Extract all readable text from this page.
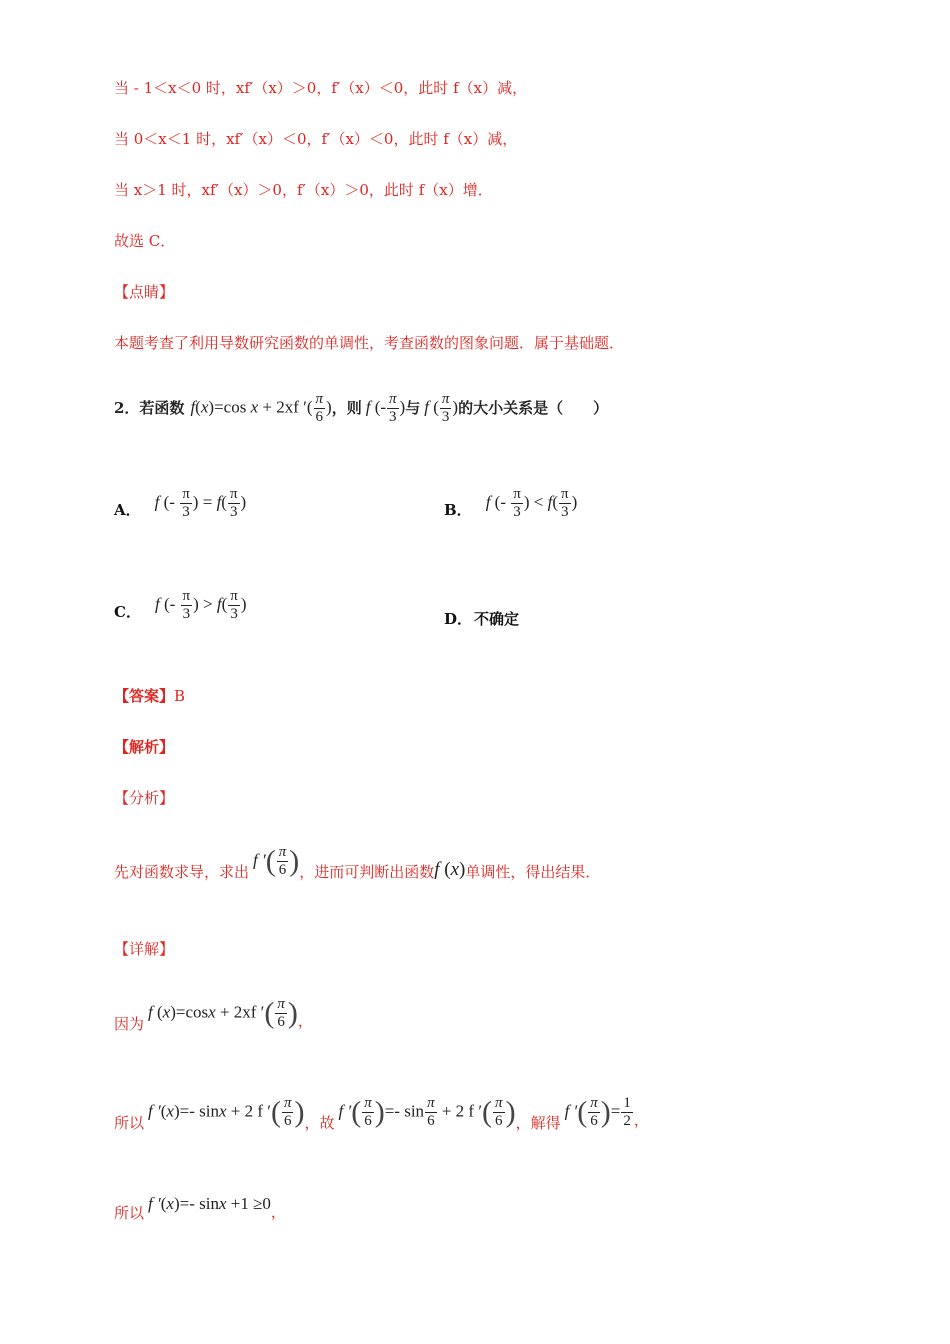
当 - 1＜x＜0 时，xf′（x）＞0，f′（x）＜0，此时 f（x）减，
当 0＜x＜1 时，xf′（x）＜0，f′（x）＜0，此时 f（x）减，
当 x＞1 时，xf′（x）＞0，f′（x）＞0，此时 f（x）增．
故选 C．
【点睛】
本题考查了利用导数研究函数的单调性，考查函数的图象问题．属于基础题．
2．若函数 f(x)=cos x + 2xf ′( $\frac{\pi}{6}$ ) ，则 f (- $\frac{\pi}{3}$ ) 与 f ( $\frac{\pi}{3}$ ) 的大小关系是（　　）
A． f (- $\frac{\pi}{3}$ ) = $f( \frac{\pi}{3}$ )	B． f (- $\frac{\pi}{3}$ ) < $f( \frac{\pi}{3}$ )
C． f (- $\frac{\pi}{3}$ ) > $f( \frac{\pi}{3}$ )
D． 不确定
【答案】B
【解析】
【分析】
先对函数求导，求出
f ′( $\frac{\pi}{6}$ ) ，进而可判断出函数 f (x) 单调性，得出结果．
【详解】
因为
f (x)=cosx + 2xf ′( $\frac{\pi}{6}$ ) ，
所以
f ′(x)=- sinx + 2 f ′( $\frac{\pi}{6}$ ) ，故
f ′( $\frac{\pi}{6}$ )=- $\sin \frac{\pi}{6} + 2$ f ′( $\frac{\pi}{6}$ ) ，解得
f ′( $\frac{\pi}{6}$ )= $\frac{1}{2}$ ，
所以 f ′(x)=- sinx +1 ≥0 ，
